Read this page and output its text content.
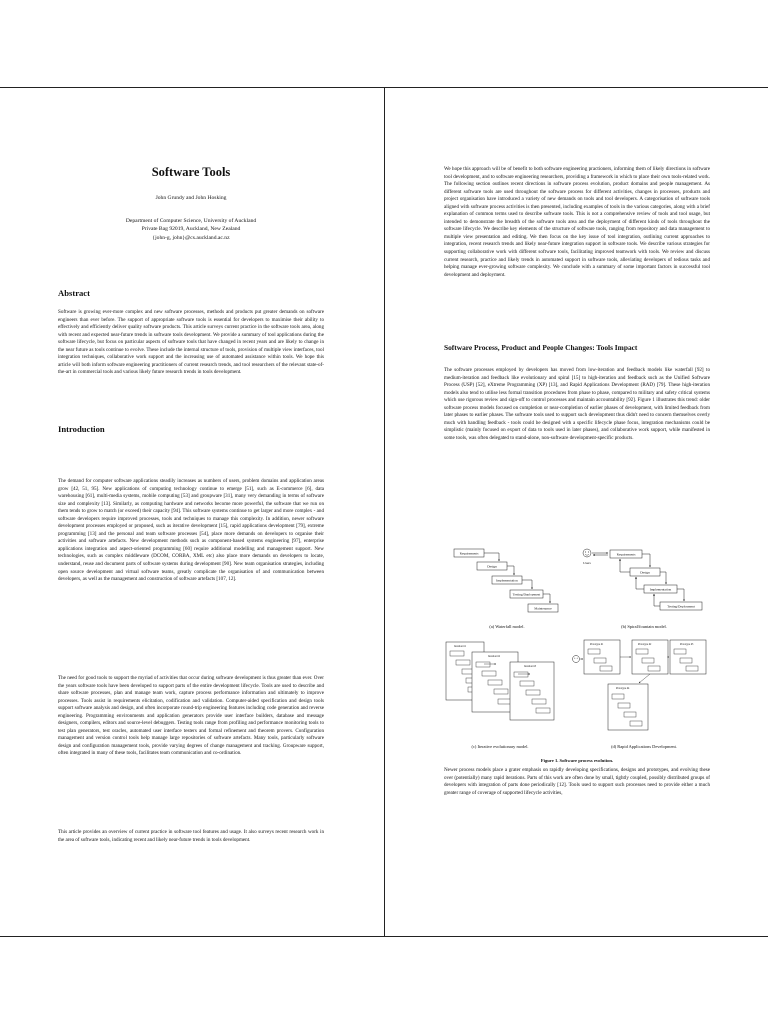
Software Tools
John Grundy and John Hosking
Department of Computer Science, University of Auckland
Private Bag 92019, Auckland, New Zealand
{john-g, john}@cs.auckland.ac.nz
Abstract

Software is growing ever-more complex and new software processes, methods and products put greater demands on software engineers than ever before. The support of appropriate software tools is essential for developers to maximise their ability to effectively and efficiently deliver quality software products. This article surveys current practice in the software tools area, along with recent and expected near-future trends in software tools development. We provide a summary of tool applications during the software lifecycle, but focus on particular aspects of software tools that have changed in recent years and are likely to change in the near future as tools continue to evolve. These include the internal structure of tools, provision of multiple view interfaces, tool integration techniques, collaborative work support and the increasing use of automated assistance within tools. We hope this article will both inform software engineering practitioners of current research trends, and tool researchers of the relevant state-of-the-art in commercial tools and various likely future research trends in tools development.

Introduction

The demand for computer software applications steadily increases as numbers of users, problem domains and application areas grow [42, 51, 95]. New applications of computing technology continue to emerge [51], such as E-commerce [6], data warehousing [61], multi-media systems, mobile computing [53] and groupware [31], many very demanding in terms of software size and complexity [13]. Similarly, as computing hardware and networks become more powerful, the software that we run on them tends to grow to match (or exceed) their capacity [94]. This software systems continue to get larger and more complex - and software developers require improved processes, tools and techniques to manage this complexity. In addition, newer software development processes employed or proposed, such as iterative development [15], rapid applications development [79], extreme programming [13] and the personal and team software processes [54], place more demands on developers to organise their activities and software artefacts. New development methods such as component-based systems engineering [97], enterprise applications integration and aspect-oriented programming [60] require additional modelling and management support. New technologies, such as complex middleware (DCOM, CORBA, XML etc) also place more demands on developers to locate, understand, reuse and document parts of software systems during development [90]. New team organisation strategies, including open source development and virtual software teams, greatly complicate the organisation of and communication between developers, as well as the management and construction of software artefacts [107, 12].

The need for good tools to support the myriad of activities that occur during software development is thus greater than ever. Over the years software tools have been developed to support parts of the entire development lifecycle. Tools are used to describe and share software processes, plan and manage team work, capture process performance information and ultimately to improve processes. Tools assist in requirements elicitation, codification and validation. Computer-aided specification and design tools support software analysis and design, and often incorporate round-trip engineering features including code generation and reverse engineering. Programming environments and application generators provide user interface builders, database and message designers, compilers, editors and source-level debuggers. Testing tools range from profiling and performance monitoring tools to test plan generators, test oracles, automated user interface testers and formal refinement and theorem provers. Configuration management and version control tools help manage large repositories of software artefacts. Many tools, particularly software design and configuration management tools, provide varying degrees of change management and tracking. Groupware support, often integrated in many of these tools, facilitates team communication and co-ordination.

This article provides an overview of current practice in software tool features and usage. It also surveys recent research work in the area of software tools, indicating recent and likely near-future trends in tools development.

We hope this approach will be of benefit to both software engineering practioners, informing them of likely directions in software tool development, and to software engineering researchers, providing a framework in which to place their own tools-related work. The following section outlines recent directions in software process evolution, product domains and people management. As different software tools are used throughout the software process for different activities, changes in processes, products and project organisation have introduced a variety of new demands on tools and tool developers. A categorisation of software tools aligned with software process activities is then presented, including examples of tools in the various categories, along with a brief explanation of common terms used to describe software tools. This is not a comprehensive review of tools and tool usage, but intended to demonstrate the breadth of the software tools area and the deployment of different kinds of tools throughout the software lifecycle. We describe key elements of the structure of software tools, ranging from repository and data management to multiple view presentation and editing. We then focus on the key issue of tool integration, outlining current approaches to integration, recent research trends and likely near-future integration support in software tools. We describe various strategies for supporting collaborative work with different software tools, facilitating improved teamwork with tools. We review and discuss current research, practice and likely trends in automated support in software tools, alleviating developers of tedious tasks and helping manage ever-growing software complexity. We conclude with a summary of some important factors in successful tool development and deployment.

Software Process, Product and People Changes: Tools Impact

The software processes employed by developers has moved from low-iteration and feedback models like waterfall [92] to medium-iteration and feedback like evolutionary and spiral [15] to high-iteration and feedback such as the Unified Software Process (USP) [52], eXtreme Programming (XP) [13], and Rapid Applications Development (RAD) [79]. These high-iteration models also tend to utilise less formal transition procedures from phase to phase, compared to military and safety critical systems which use rigorous review and sign-off to control processes and maintain accountability [92]. Figure 1 illustrates this trend: older software process models focused on completion or near-completion of earlier phases of development, with limited feedback from later phases to earlier phases. The software tools used to support such development thus didn't need to concern themselves overly much with handling feedback - tools could be designed with a specific lifecycle phase focus, integration mechanisms could be simplistic (mainly focused on export of data to tools used in later phases), and collaborative work support, while manifested in some tools, was often delegated to stand-alone, non-software development-specific products.

Requirements
Design
Implementation
Testing/Deployment
Maintenance
(a) Waterfall model.
Users
Requirements
Design
Implementation
Testing/Deployment
(b) Spiral/fountain model.
Iteration #1
Iteration #2
Iteration #3
(c) Iterative evolutionary model.
Prototype #1	Prototype #2	Prototype #3
Prototype #4
(d) Rapid Applications Development.
Figure 1. Software process evolution.

Newer process models place a grater emphasis on rapidly developing specifications, designs and prototypes, and evolving these over (potentially) many rapid iterations. Parts of this work are often done by small, tightly coupled, possibly distributed groups of developers with integration of parts done periodically [12]. Tools used to support such processes need to provide either a much greater range of coverage of supported lifecycle activities,
